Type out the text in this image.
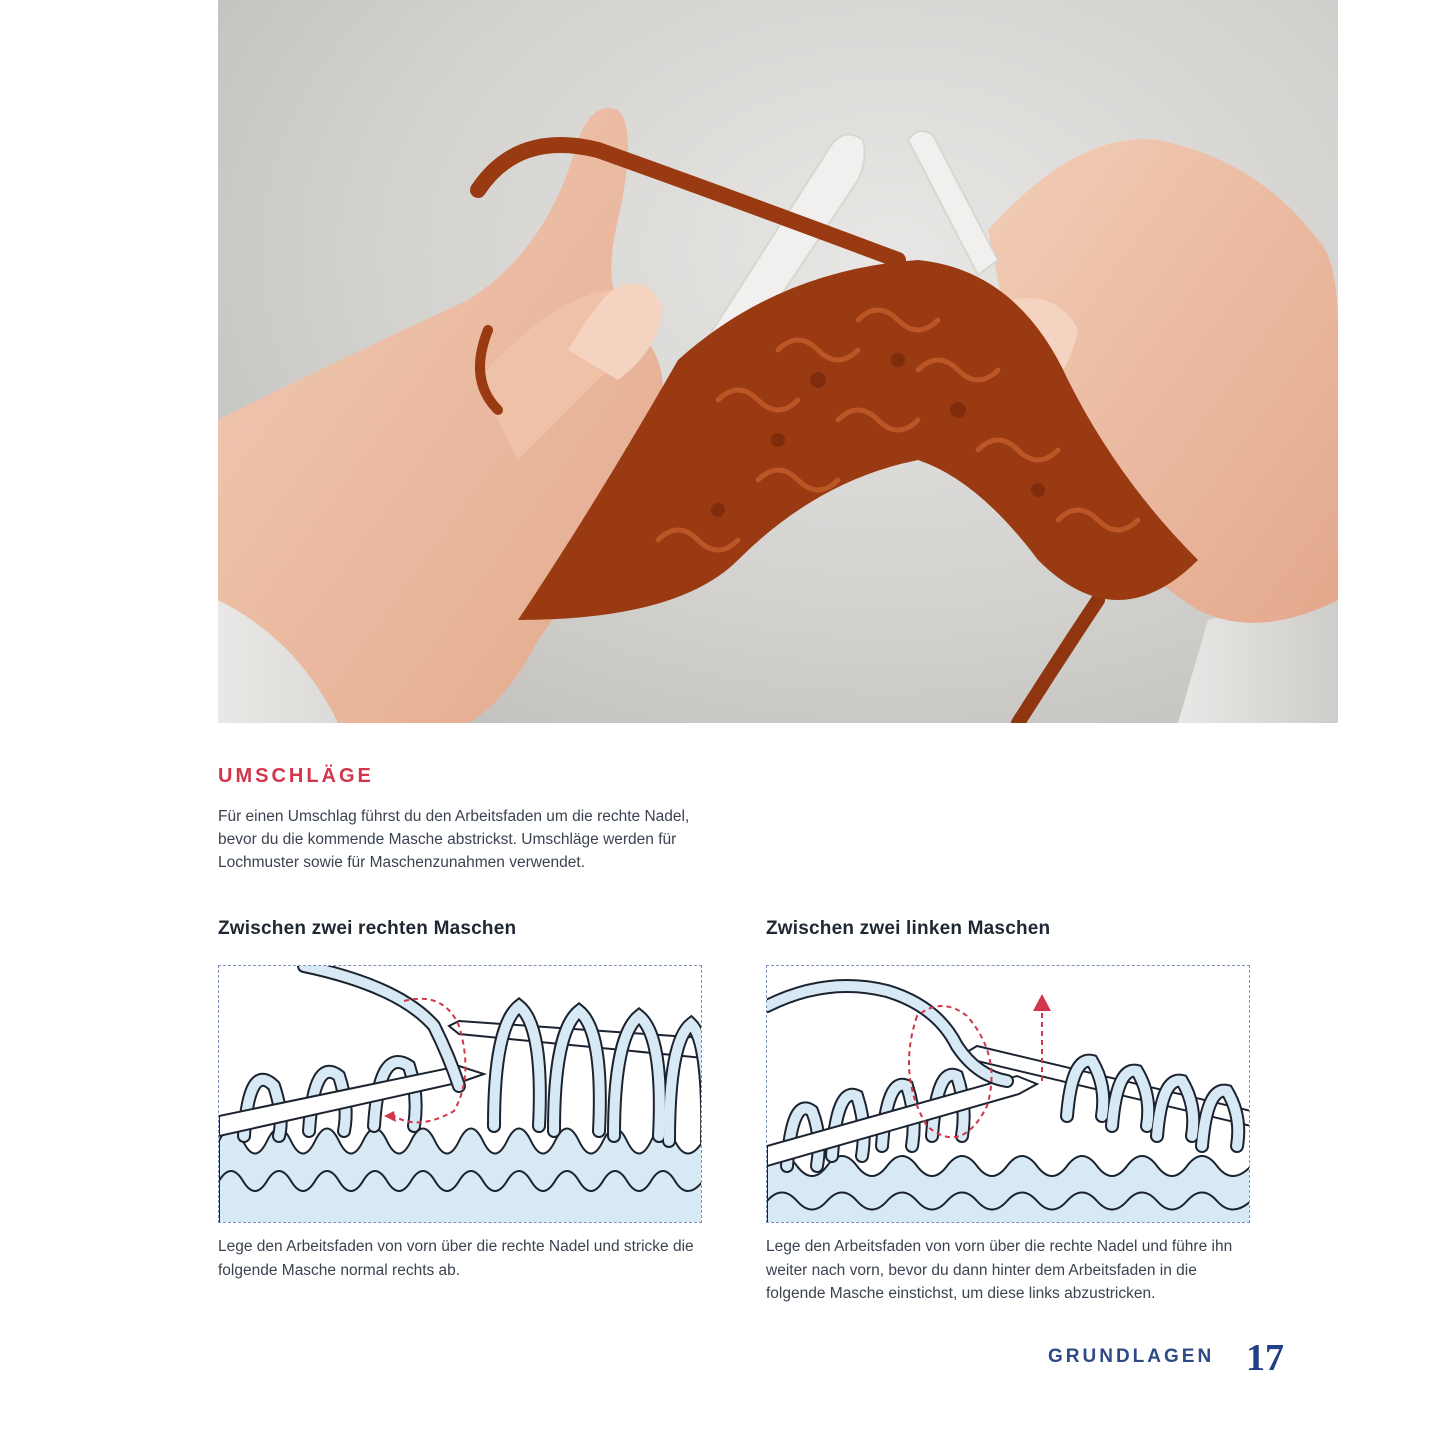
UMSCHLÄGE

Für einen Umschlag führst du den Arbeitsfaden um die rechte Nadel, bevor du die kommende Masche abstrickst. Umschläge werden für Lochmuster sowie für Maschenzunahmen verwendet.

Zwischen zwei rechten Maschen	Zwischen zwei linken Maschen

Lege den Arbeitsfaden von vorn über die rechte Nadel und stricke die folgende Masche normal rechts ab.

Lege den Arbeitsfaden von vorn über die rechte Nadel und führe ihn weiter nach vorn, bevor du dann hinter dem Arbeitsfaden in die folgende Masche einstichst, um diese links abzustricken.

GRUNDLAGEN 17
